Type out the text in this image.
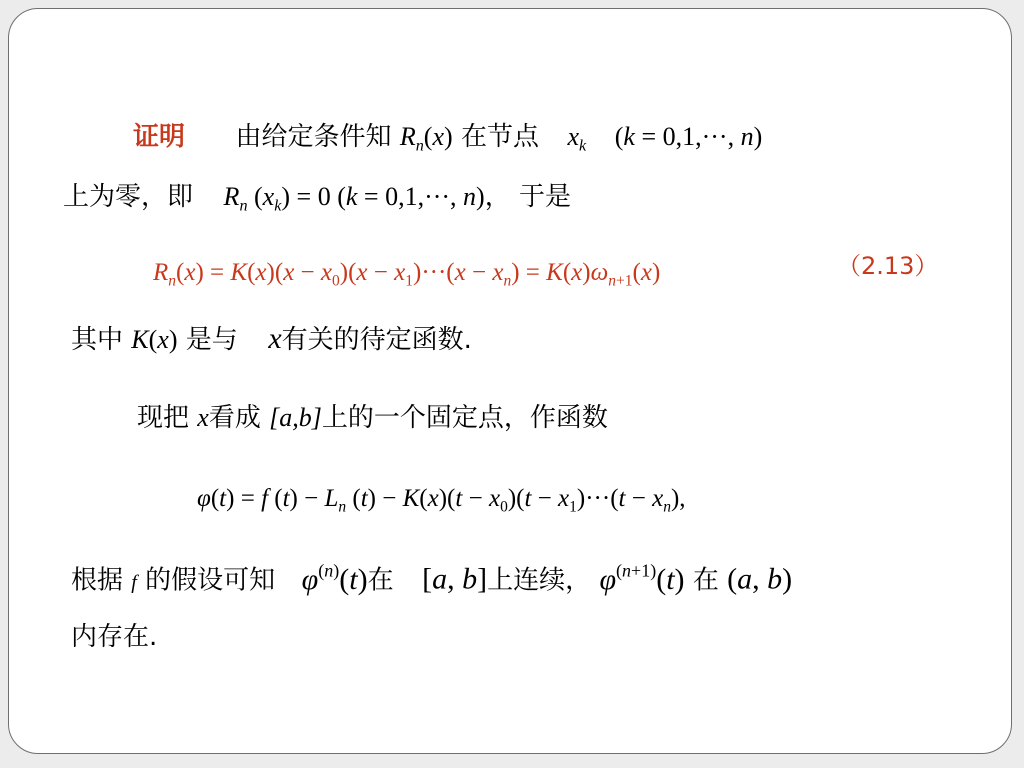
证明 由给定条件知 $R_n(x)$ 在节点 $x_k$ (k = 0,1,···, n)
上为零，即 $R_n$ $(x_k) = 0$ (k = 0,1,···, n)， 于是
$R_n(x) = K(x)(x - x_0)(x - x_1)\cdot\cdot\cdot(x - x_n) = K(x)\omega_{n+1}(x)$	（2.13）
其中 K(x) 是与 x有关的待定函数.
现把 x看成 [a,b]上的一个固定点，作函数
φ(t) = f $(t) - L_n$ $(t) - K(x)(t - x_0)(t - x_1)\cdot\cdot\cdot(t - x_n)$,
根据 f 的假设可知 $\varphi^{(n)}(t)$在 [a, b]上连续， $\varphi^{(n+1)}(t)$ 在 (a, b)
内存在.
